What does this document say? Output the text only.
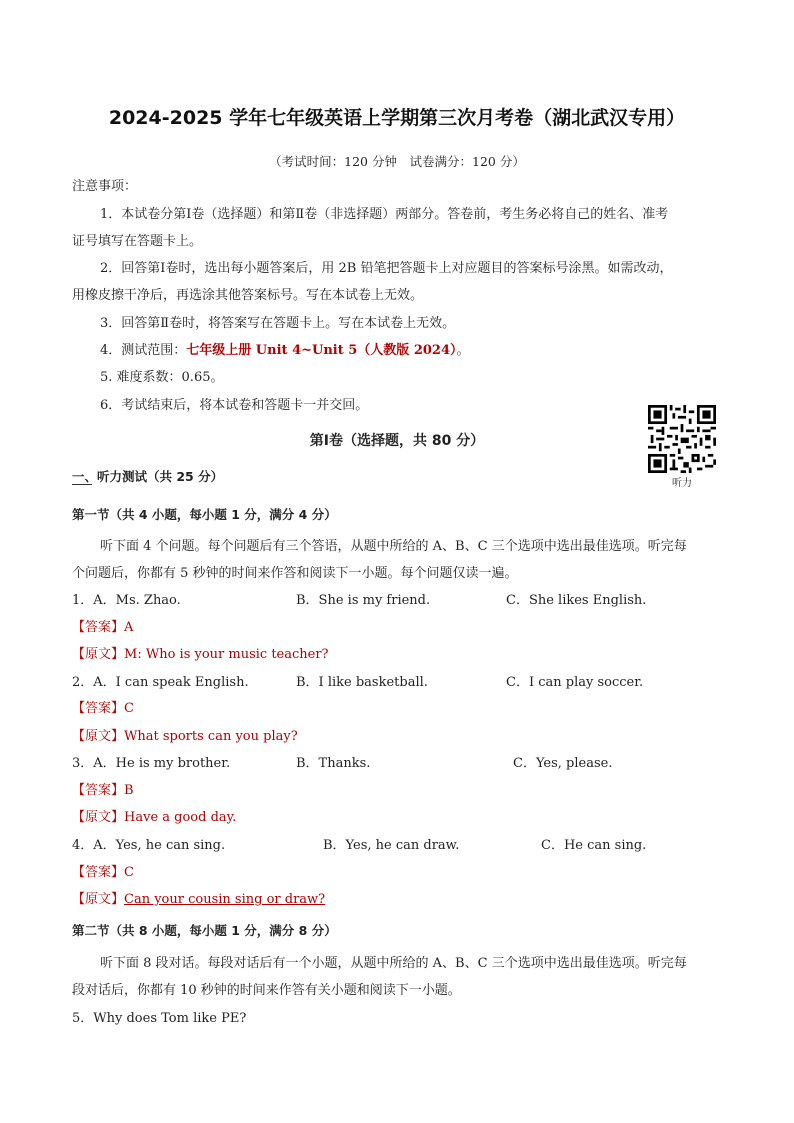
2024-2025 学年七年级英语上学期第三次月考卷（湖北武汉专用）
（考试时间：120 分钟　试卷满分：120 分）
注意事项：
1．本试卷分第Ⅰ卷（选择题）和第Ⅱ卷（非选择题）两部分。答卷前，考生务必将自己的姓名、准考
证号填写在答题卡上。
2．回答第Ⅰ卷时，选出每小题答案后，用 2B 铅笔把答题卡上对应题目的答案标号涂黑。如需改动，
用橡皮擦干净后，再选涂其他答案标号。写在本试卷上无效。
3．回答第Ⅱ卷时，将答案写在答题卡上。写在本试卷上无效。
4．测试范围：七年级上册 Unit 4~Unit 5（人教版 2024）。
5. 难度系数：0.65。
6．考试结束后，将本试卷和答题卡一并交回。
听力
第Ⅰ卷（选择题，共 80 分）
一、听力测试（共 25 分）
第一节（共 4 小题，每小题 1 分，满分 4 分）
听下面 4 个问题。每个问题后有三个答语，从题中所给的 A、B、C 三个选项中选出最佳选项。听完每
个问题后，你都有 5 秒钟的时间来作答和阅读下一小题。每个问题仅读一遍。
1．A．Ms. Zhao.	B．She is my friend.	C．She likes English.
【答案】A
【原文】M: Who is your music teacher?
2．A．I can speak English.	B．I like basketball.	C．I can play soccer.
【答案】C
【原文】What sports can you play?
3．A．He is my brother.	B．Thanks.	C．Yes, please.
【答案】B
【原文】Have a good day.
4．A．Yes, he can sing.	B．Yes, he can draw.	C．He can sing.
【答案】C
【原文】Can your cousin sing or draw?
第二节（共 8 小题，每小题 1 分，满分 8 分）
听下面 8 段对话。每段对话后有一个小题，从题中所给的 A、B、C 三个选项中选出最佳选项。听完每
段对话后，你都有 10 秒钟的时间来作答有关小题和阅读下一小题。
5．Why does Tom like PE?
